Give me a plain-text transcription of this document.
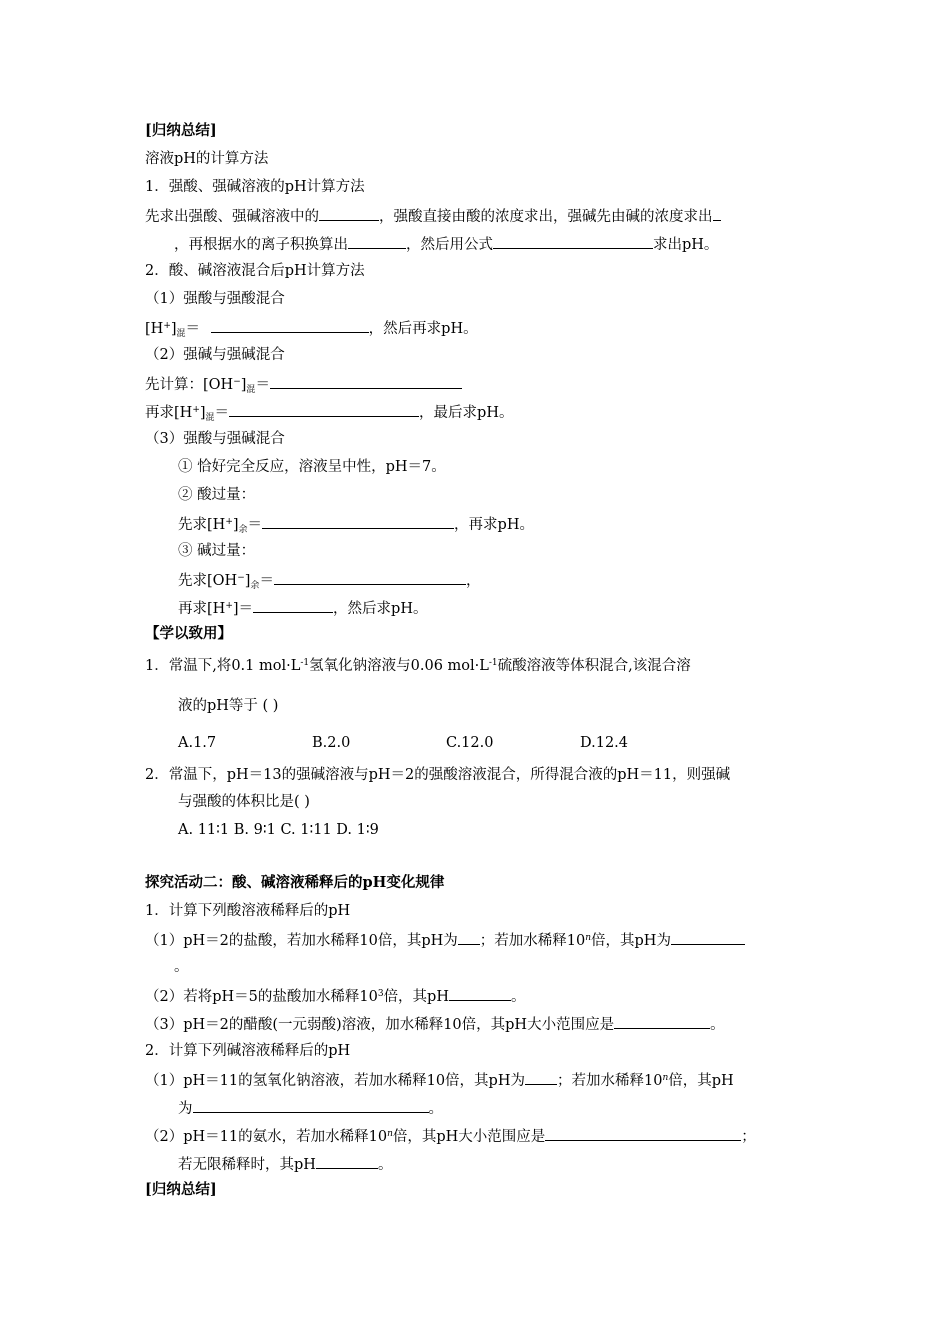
[归纳总结]
溶液pH的计算方法
1．强酸、强碱溶液的pH计算方法
先求出强酸、强碱溶液中的	，强酸直接由酸的浓度求出，强碱先由碱的浓度求出
，再根据水的离子积换算出	，然后用公式	求出pH。
2．酸、碱溶液混合后pH计算方法
（1）强酸与强酸混合
$[H^+]_混=$	，然后再求pH。
（2）强碱与强碱混合
先计算：$[OH^-]_混=$
再求$[H^+]_混=$	，最后求pH。
（3）强酸与强碱混合
① 恰好完全反应，溶液呈中性，pH＝7。
② 酸过量：
先求$[H^+]_余=$	，再求pH。
③ 碱过量：
先求$[OH^-]_余=$	，
再求[H+]＝	，然后求pH。
【学以致用】
1．常温下,将0.1 $mol\cdot L^{-1}$氢氧化钠溶液与0.06 $mol\cdot L^{-1}$硫酸溶液等体积混合,该混合溶
液的pH等于 ( )
A.1.7	B.2.0	C.12.0	D.12.4
2．常温下，pH＝13的强碱溶液与pH＝2的强酸溶液混合，所得混合液的pH＝11，则强碱
与强酸的体积比是( )
A. 11∶1 B. 9∶1 C. 1∶11 D. 1∶9
探究活动二：酸、碱溶液稀释后的pH变化规律
1．计算下列酸溶液稀释后的pH
（1）pH＝2的盐酸，若加水稀释10倍，其pH为 ；若加水稀释10$^n$倍，其pH为
。
（2）若将pH＝5的盐酸加水稀释$10^3$倍，其pH	。
（3）pH＝2的醋酸(一元弱酸)溶液，加水稀释10倍，其pH大小范围应是	。
2．计算下列碱溶液稀释后的pH
（1）pH＝11的氢氧化钠溶液，若加水稀释10倍，其pH为 ；若加水稀释10$^n$倍，其pH
为	。
（2）pH＝11的氨水，若加水稀释10$^n$倍，其pH大小范围应是	；
若无限稀释时，其pH	。
[归纳总结]
